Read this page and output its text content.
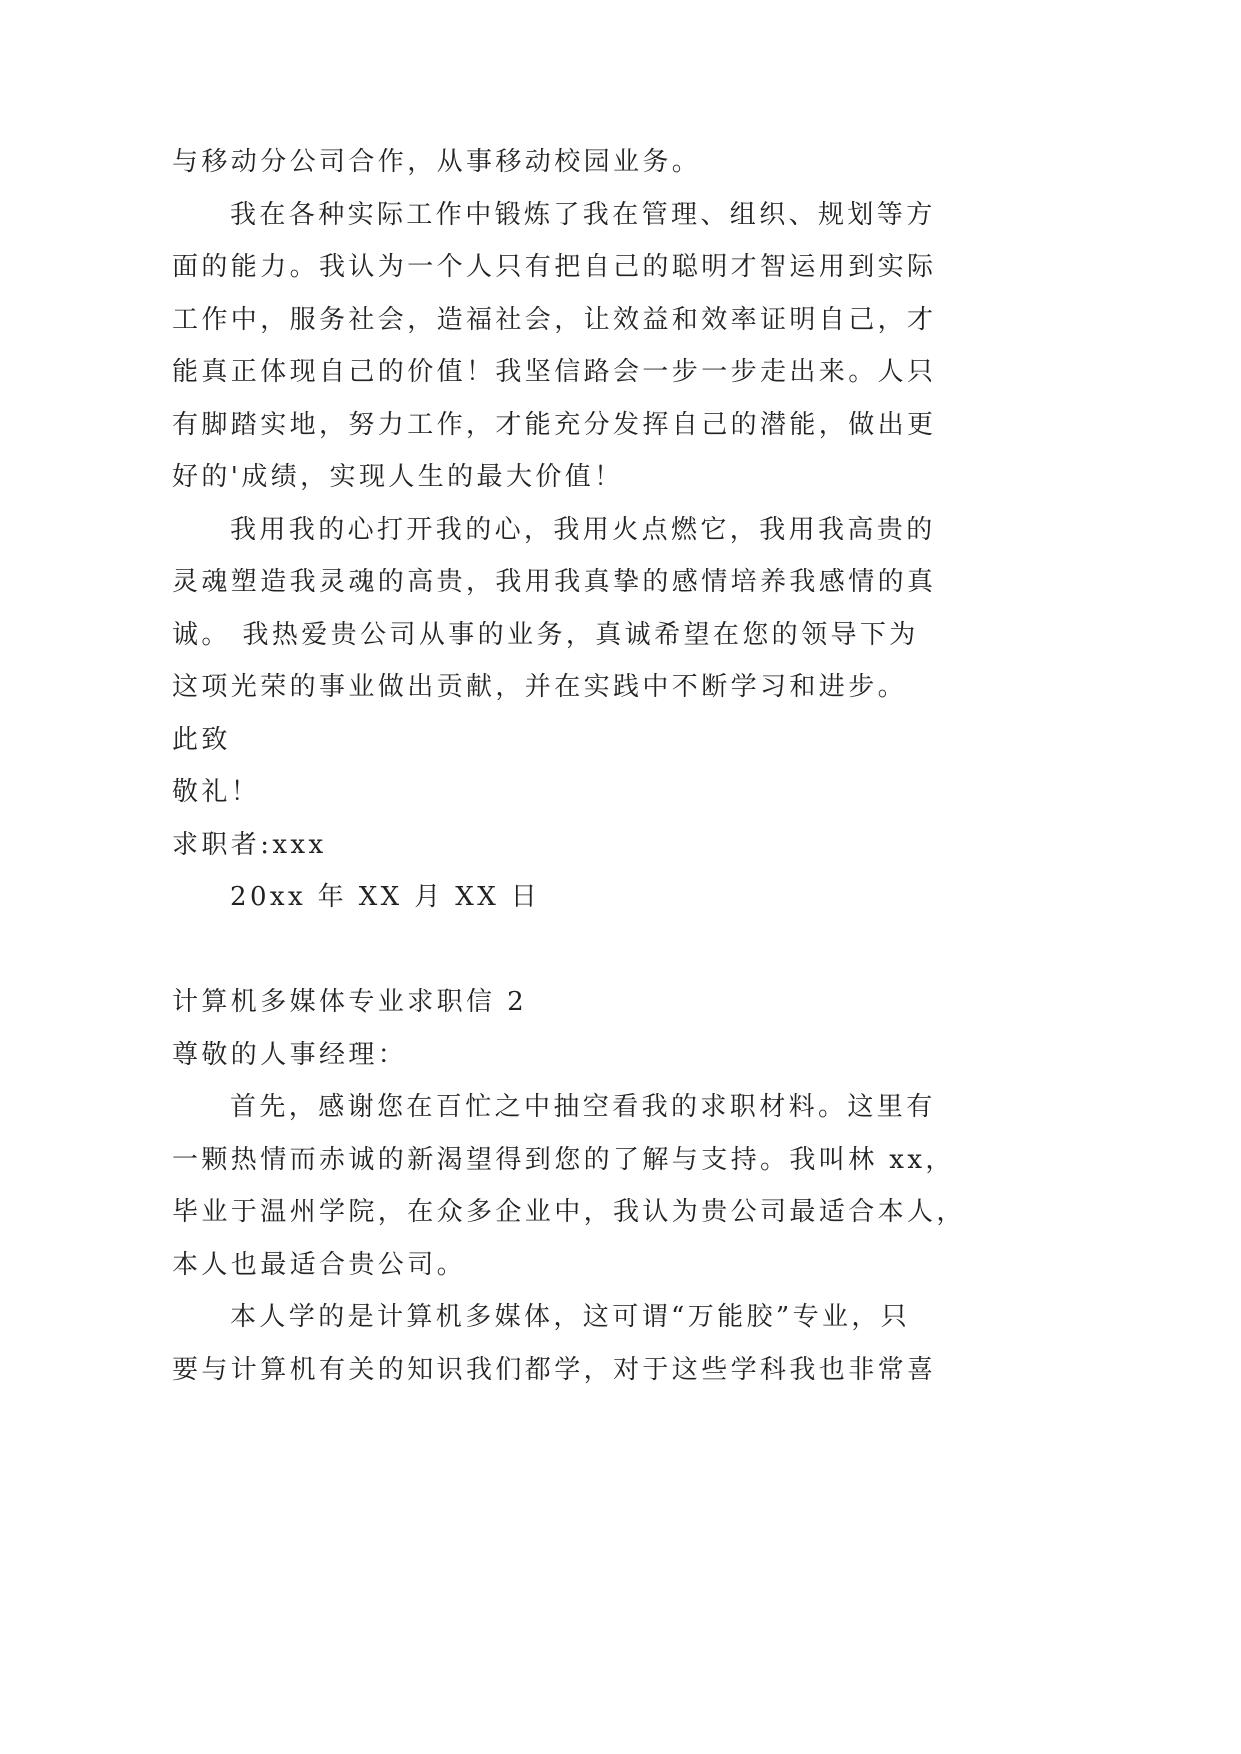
与移动分公司合作，从事移动校园业务。
我在各种实际工作中锻炼了我在管理、组织、规划等方
面的能力。我认为一个人只有把自己的聪明才智运用到实际
工作中，服务社会，造福社会，让效益和效率证明自己，才
能真正体现自己的价值！我坚信路会一步一步走出来。人只
有脚踏实地，努力工作，才能充分发挥自己的潜能，做出更
好的'成绩，实现人生的最大价值！
我用我的心打开我的心，我用火点燃它，我用我高贵的
灵魂塑造我灵魂的高贵，我用我真挚的感情培养我感情的真
诚。 我热爱贵公司从事的业务，真诚希望在您的领导下为
这项光荣的事业做出贡献，并在实践中不断学习和进步。
此致
敬礼！
求职者:xxx
20xx 年 XX 月 XX 日
计算机多媒体专业求职信 2
尊敬的人事经理：
首先，感谢您在百忙之中抽空看我的求职材料。这里有
一颗热情而赤诚的新渴望得到您的了解与支持。我叫林 xx，
毕业于温州学院，在众多企业中，我认为贵公司最适合本人，
本人也最适合贵公司。
本人学的是计算机多媒体，这可谓“万能胶”专业，只
要与计算机有关的知识我们都学，对于这些学科我也非常喜
